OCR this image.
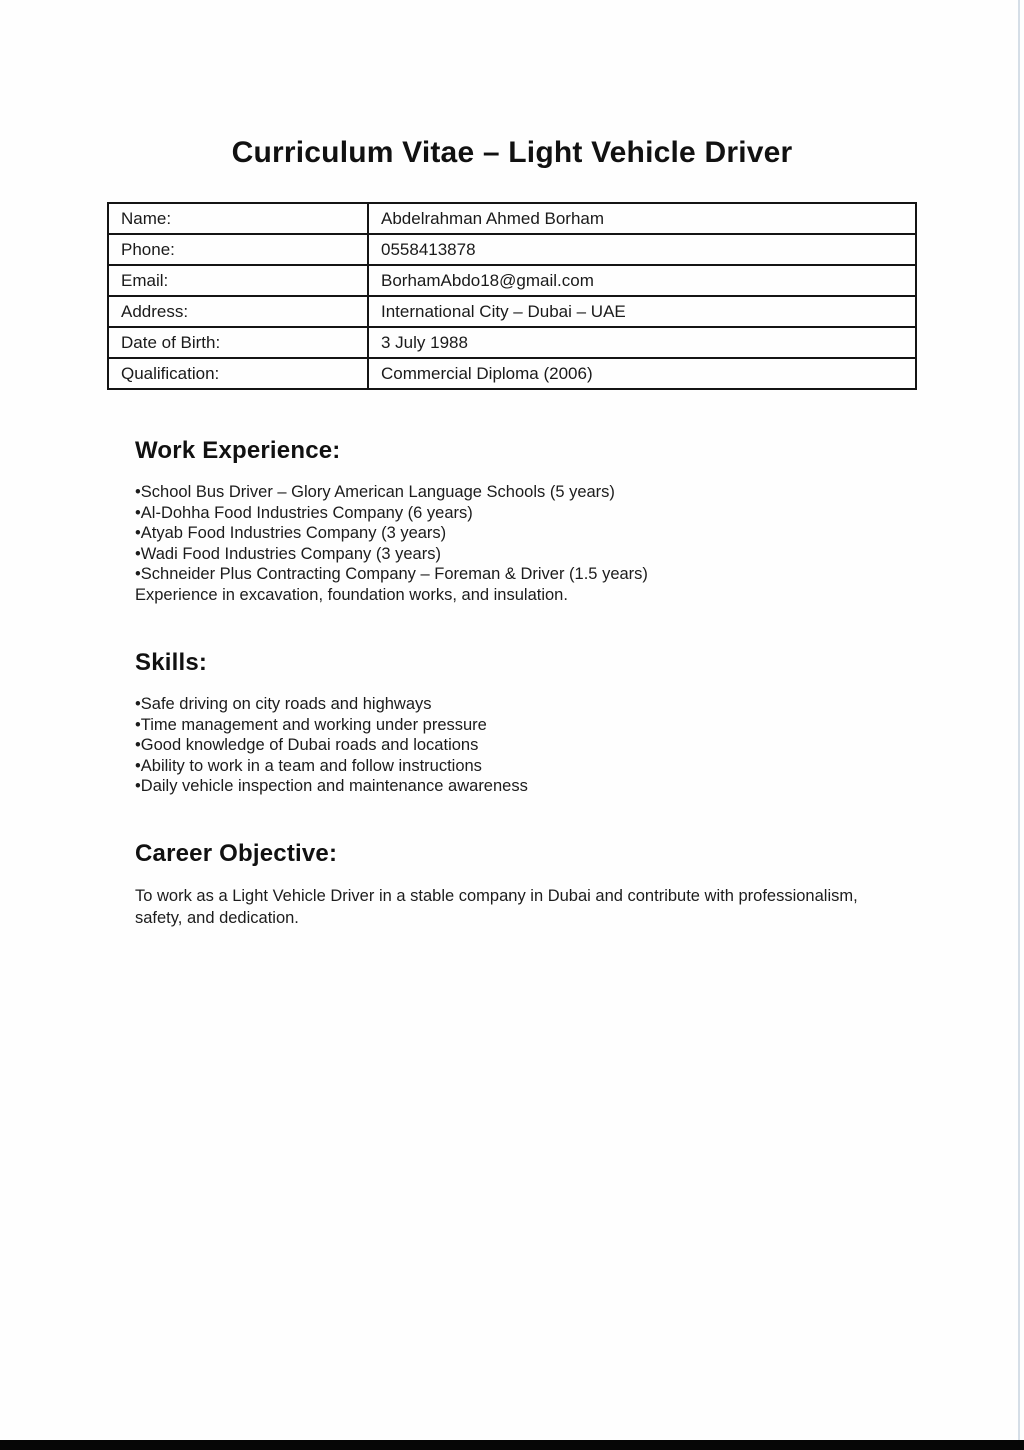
Curriculum Vitae – Light Vehicle Driver
Name:	Abdelrahman Ahmed Borham
Phone:	0558413878
Email:	BorhamAbdo18@gmail.com
Address:	International City – Dubai – UAE
Date of Birth:	3 July 1988
Qualification:	Commercial Diploma (2006)
Work Experience:
• School Bus Driver – Glory American Language Schools (5 years)
• Al-Dohha Food Industries Company (6 years)
• Atyab Food Industries Company (3 years)
• Wadi Food Industries Company (3 years)
• Schneider Plus Contracting Company – Foreman & Driver (1.5 years)
Experience in excavation, foundation works, and insulation.
Skills:
• Safe driving on city roads and highways
• Time management and working under pressure
• Good knowledge of Dubai roads and locations
• Ability to work in a team and follow instructions
• Daily vehicle inspection and maintenance awareness
Career Objective:

To work as a Light Vehicle Driver in a stable company in Dubai and contribute with professionalism, safety, and dedication.
